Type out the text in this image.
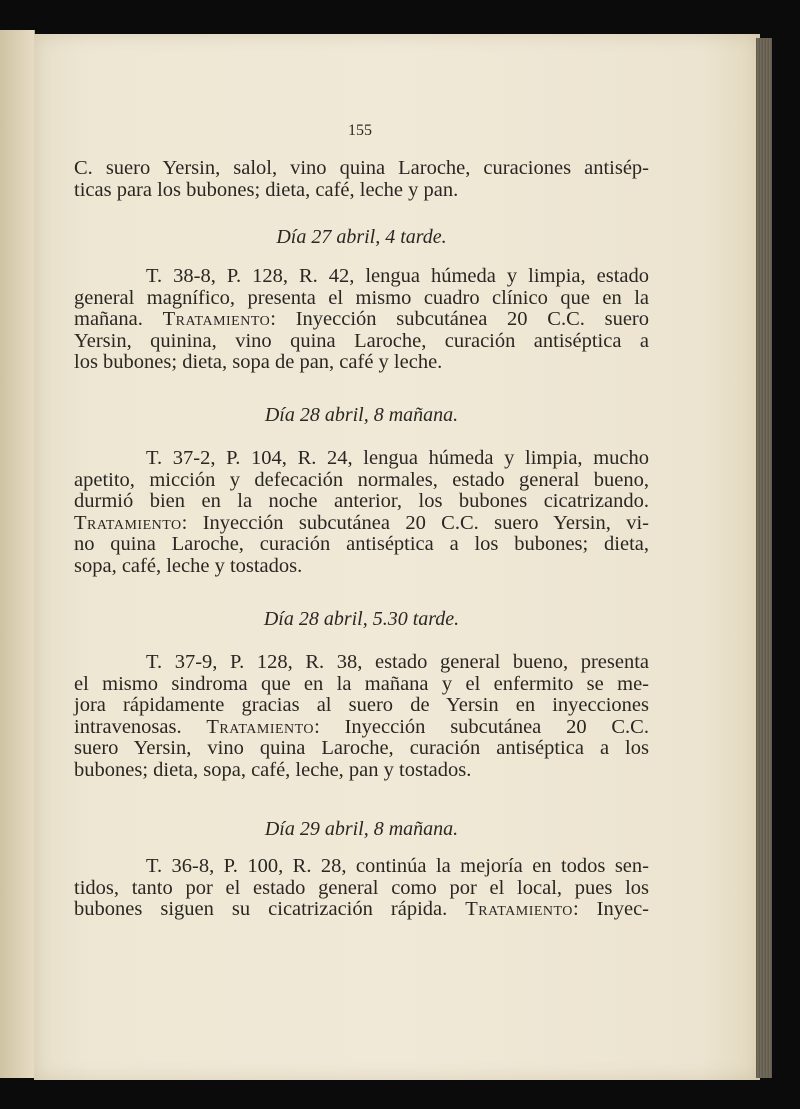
155
C. suero Yersin, salol, vino quina Laroche, curaciones antisép-
ticas para los bubones; dieta, café, leche y pan.
Día 27 abril, 4 tarde.
T. 38-8, P. 128, R. 42, lengua húmeda y limpia, estado
general magnífico, presenta el mismo cuadro clínico que en la
mañana. Tratamiento: Inyección subcutánea 20 C.C. suero
Yersin, quinina, vino quina Laroche, curación antiséptica a
los bubones; dieta, sopa de pan, café y leche.
Día 28 abril, 8 mañana.
T. 37-2, P. 104, R. 24, lengua húmeda y limpia, mucho
apetito, micción y defecación normales, estado general bueno,
durmió bien en la noche anterior, los bubones cicatrizando.
Tratamiento: Inyección subcutánea 20 C.C. suero Yersin, vi-
no quina Laroche, curación antiséptica a los bubones; dieta,
sopa, café, leche y tostados.
Día 28 abril, 5.30 tarde.
T. 37-9, P. 128, R. 38, estado general bueno, presenta
el mismo sindroma que en la mañana y el enfermito se me-
jora rápidamente gracias al suero de Yersin en inyecciones
intravenosas. Tratamiento: Inyección subcutánea 20 C.C.
suero Yersin, vino quina Laroche, curación antiséptica a los
bubones; dieta, sopa, café, leche, pan y tostados.
Día 29 abril, 8 mañana.
T. 36-8, P. 100, R. 28, continúa la mejoría en todos sen-
tidos, tanto por el estado general como por el local, pues los
bubones siguen su cicatrización rápida. Tratamiento: Inyec-
